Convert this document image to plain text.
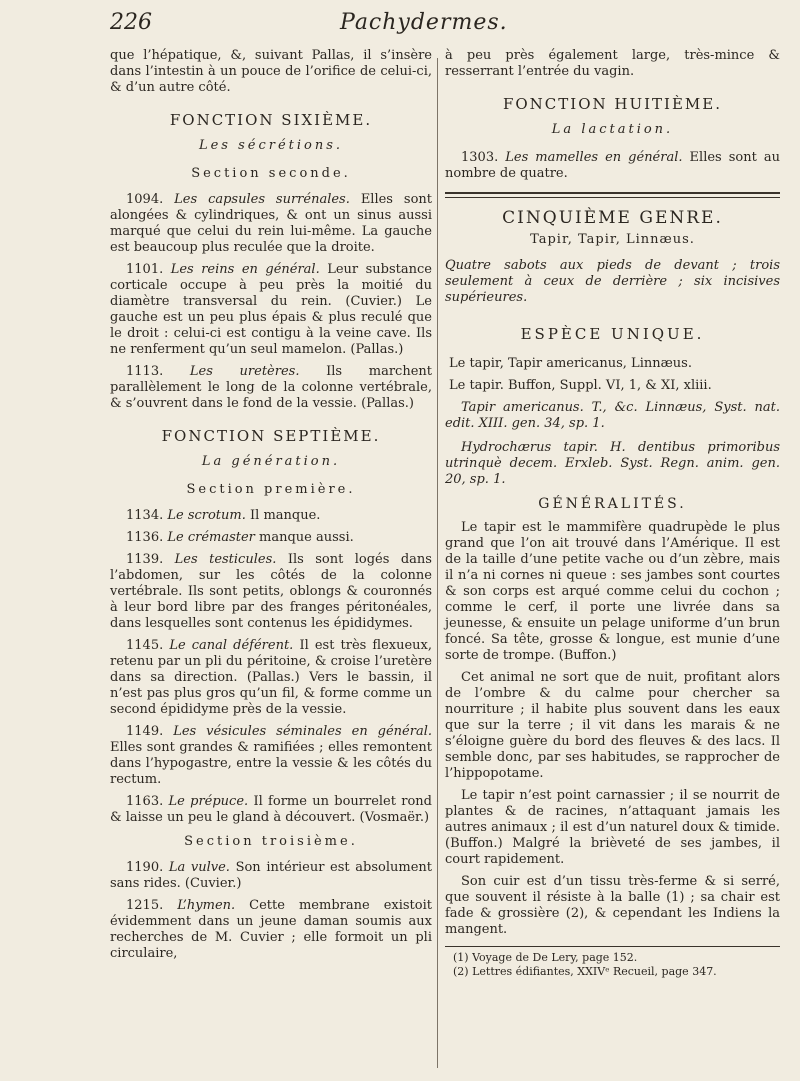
226	Pachydermes.

que l’hépatique, &, suivant Pallas, il s’insère dans l’intestin à un pouce de l’orifice de celui-ci, & d’un autre côté.

FONCTION SIXIÈME.
Les sécrétions.
Section seconde.

1094. Les capsules surrénales. Elles sont alongées & cylindriques, & ont un sinus aussi marqué que celui du rein lui-même. La gauche est beaucoup plus reculée que la droite.

1101. Les reins en général. Leur substance corticale occupe à peu près la moitié du diamètre transversal du rein. (Cuvier.) Le gauche est un peu plus épais & plus reculé que le droit : celui-ci est contigu à la veine cave. Ils ne renferment qu’un seul mamelon. (Pallas.)

1113. Les uretères. Ils marchent parallèlement le long de la colonne vertébrale, & s’ouvrent dans le fond de la vessie. (Pallas.)

FONCTION SEPTIÈME.
La génération.
Section première.

1134. Le scrotum. Il manque.

1136. Le crémaster manque aussi.

1139. Les testicules. Ils sont logés dans l’abdomen, sur les côtés de la colonne vertébrale. Ils sont petits, oblongs & couronnés à leur bord libre par des franges péritonéales, dans lesquelles sont contenus les épididymes.

1145. Le canal déférent. Il est très flexueux, retenu par un pli du péritoine, & croise l’uretère dans sa direction. (Pallas.) Vers le bassin, il n’est pas plus gros qu’un fil, & forme comme un second épididyme près de la vessie.

1149. Les vésicules séminales en général. Elles sont grandes & ramifiées ; elles remontent dans l’hypogastre, entre la vessie & les côtés du rectum.

1163. Le prépuce. Il forme un bourrelet rond & laisse un peu le gland à découvert. (Vosmaër.)

Section troisième.

1190. La vulve. Son intérieur est absolument sans rides. (Cuvier.)

1215. L’hymen. Cette membrane existoit évidemment dans un jeune daman soumis aux recherches de M. Cuvier ; elle formoit un pli circulaire,

à peu près également large, très-mince & resserrant l’entrée du vagin.

FONCTION HUITIÈME.
La lactation.

1303. Les mamelles en général. Elles sont au nombre de quatre.

CINQUIÈME GENRE.

Tapir, Tapir, Linnæus.

Quatre sabots aux pieds de devant ; trois seulement à ceux de derrière ; six incisives supérieures.

ESPÈCE UNIQUE.

Le tapir, Tapir americanus, Linnæus.

Le tapir. Buffon, Suppl. VI, 1, & XI, xliii.

Tapir americanus. T., &c. Linnæus, Syst. nat. edit. XIII. gen. 34, sp. 1.

Hydrochærus tapir. H. dentibus primoribus utrinquè decem. Erxleb. Syst. Regn. anim. gen. 20, sp. 1.

GÉNÉRALITÉS.

Le tapir est le mammifère quadrupède le plus grand que l’on ait trouvé dans l’Amérique. Il est de la taille d’une petite vache ou d’un zèbre, mais il n’a ni cornes ni queue : ses jambes sont courtes & son corps est arqué comme celui du cochon ; comme le cerf, il porte une livrée dans sa jeunesse, & ensuite un pelage uniforme d’un brun foncé. Sa tête, grosse & longue, est munie d’une sorte de trompe. (Buffon.)

Cet animal ne sort que de nuit, profitant alors de l’ombre & du calme pour chercher sa nourriture ; il habite plus souvent dans les eaux que sur la terre ; il vit dans les marais & ne s’éloigne guère du bord des fleuves & des lacs. Il semble donc, par ses habitudes, se rapprocher de l’hippopotame.

Le tapir n’est point carnassier ; il se nourrit de plantes & de racines, n’attaquant jamais les autres animaux ; il est d’un naturel doux & timide. (Buffon.) Malgré la brièveté de ses jambes, il court rapidement.

Son cuir est d’un tissu très-ferme & si serré, que souvent il résiste à la balle (1) ; sa chair est fade & grossière (2), & cependant les Indiens la mangent.

(1) Voyage de De Lery, page 152.

(2) Lettres édifiantes, XXIVᵉ Recueil, page 347.
